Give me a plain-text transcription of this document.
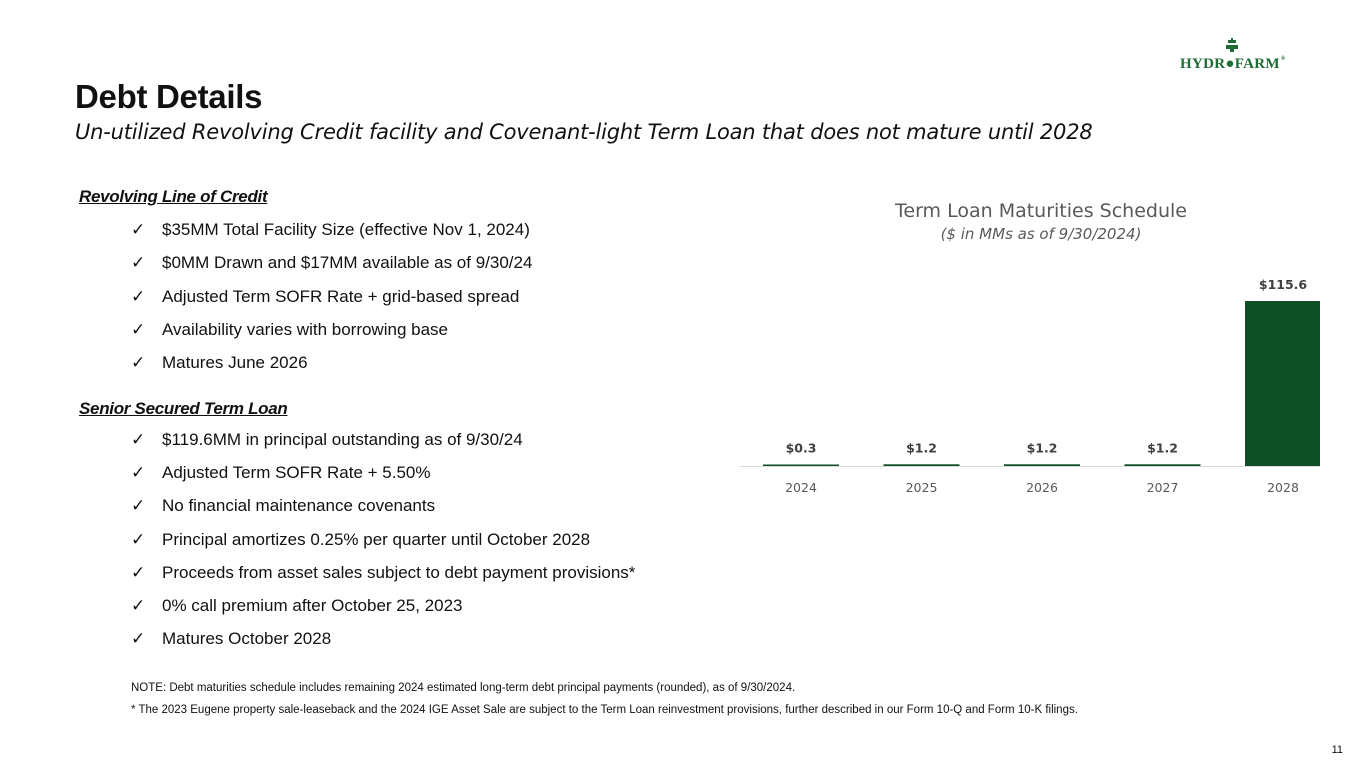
HYDR●FARM®
Debt Details
Un-utilized Revolving Credit facility and Covenant-light Term Loan that does not mature until 2028
Revolving Line of Credit
✓ $35MM Total Facility Size (effective Nov 1, 2024)
✓ $0MM Drawn and $17MM available as of 9/30/24
✓ Adjusted Term SOFR Rate + grid-based spread
✓ Availability varies with borrowing base
✓ Matures June 2026
Senior Secured Term Loan
✓ $119.6MM in principal outstanding as of 9/30/24
✓ Adjusted Term SOFR Rate + 5.50%
✓ No financial maintenance covenants
✓ Principal amortizes 0.25% per quarter until October 2028
✓ Proceeds from asset sales subject to debt payment provisions*
✓ 0% call premium after October 25, 2023
✓ Matures October 2028
Term Loan Maturities Schedule
($ in MMs as of 9/30/2024)
$0.3
2024
$1.2
2025
$1.2
2026
$1.2
2027
$115.6
2028
NOTE: Debt maturities schedule includes remaining 2024 estimated long-term debt principal payments (rounded), as of 9/30/2024.
* The 2023 Eugene property sale-leaseback and the 2024 IGE Asset Sale are subject to the Term Loan reinvestment provisions, further described in our Form 10-Q and Form 10-K filings.
11
